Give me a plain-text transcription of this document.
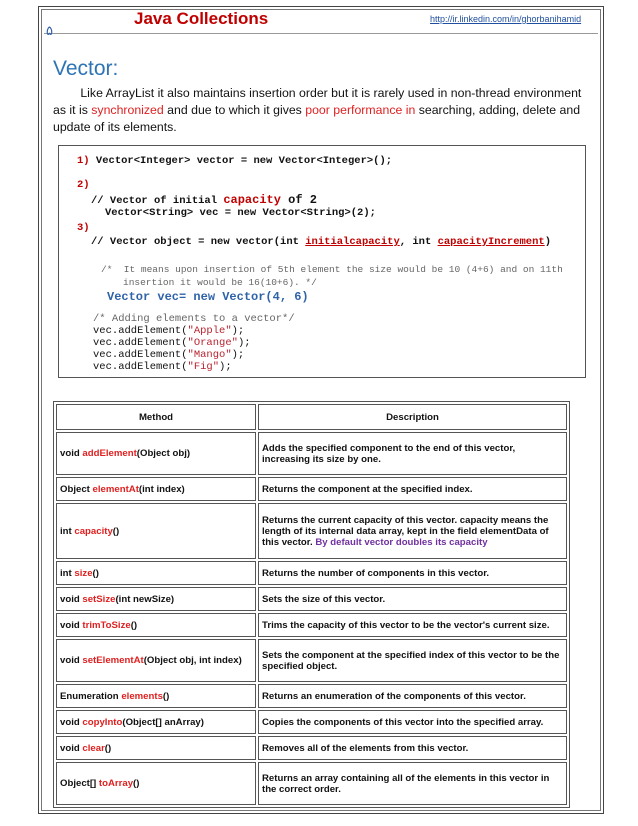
Java Collections	http://ir.linkedin.com/in/ghorbanihamid
۵
Vector:
Like ArrayList it also maintains insertion order but it is rarely used in non-thread environment as it is synchronized and due to which it gives poor performance in searching, adding, delete and update of its elements.
1) Vector<Integer> vector = new Vector<Integer>();
2)
// Vector of initial capacity of 2
Vector<String> vec = new Vector<String>(2);
3)
// Vector object = new vector(int initialcapacity, int capacityIncrement)
/*  It means upon insertion of 5th element the size would be 10 (4+6) and on 11th
insertion it would be 16(10+6). */
Vector vec= new Vector(4, 6)
/* Adding elements to a vector*/
vec.addElement("Apple");
vec.addElement("Orange");
vec.addElement("Mango");
vec.addElement("Fig");
Method	Description
void addElement(Object obj)	Adds the specified component to the end of this vector, increasing its size by one.
Object elementAt(int index)	Returns the component at the specified index.
int capacity()	Returns the current capacity of this vector. capacity means the length of its internal data array, kept in the field elementData of this vector. By default vector doubles its capacity
int size()	Returns the number of components in this vector.
void setSize(int newSize)	Sets the size of this vector.
void trimToSize()	Trims the capacity of this vector to be the vector's current size.
void setElementAt(Object obj, int index)	Sets the component at the specified index of this vector to be the specified object.
Enumeration elements()	Returns an enumeration of the components of this vector.
void copyInto(Object[] anArray)	Copies the components of this vector into the specified array.
void clear()	Removes all of the elements from this vector.
Object[] toArray()	Returns an array containing all of the elements in this vector in the correct order.
